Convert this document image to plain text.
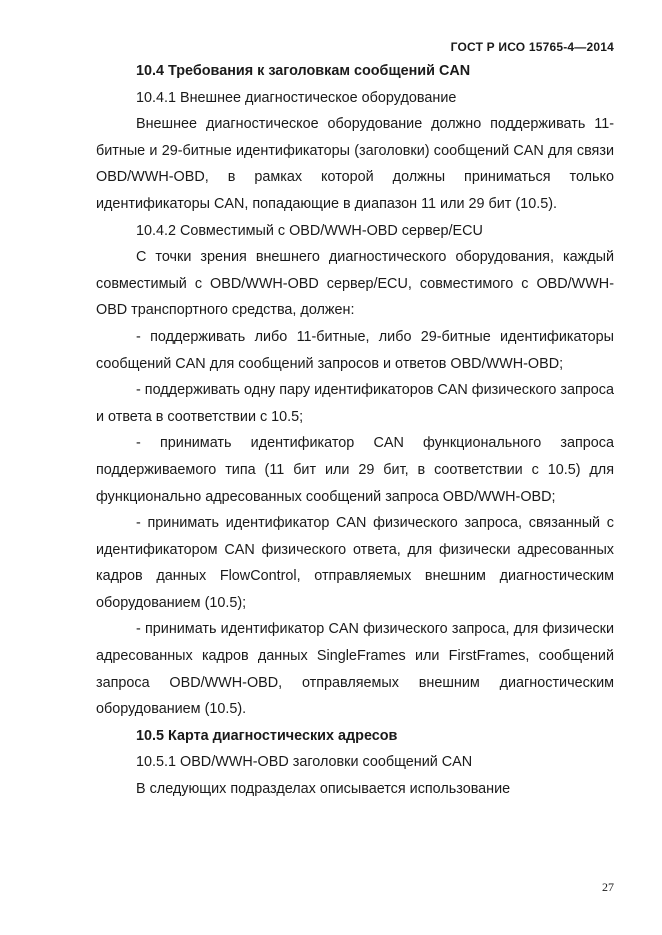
ГОСТ Р ИСО 15765-4—2014

10.4 Требования к заголовкам сообщений CAN

10.4.1 Внешнее диагностическое оборудование

Внешнее диагностическое оборудование должно поддерживать 11-битные и 29-битные идентификаторы (заголовки) сообщений CAN для связи OBD/WWH-OBD, в рамках которой должны приниматься только идентификаторы CAN, попадающие в диапазон 11 или 29 бит (10.5).

10.4.2 Совместимый с OBD/WWH-OBD сервер/ECU

С точки зрения внешнего диагностического оборудования, каждый совместимый с OBD/WWH-OBD сервер/ECU, совместимого с OBD/WWH-OBD транспортного средства, должен:

- поддерживать либо 11-битные, либо 29-битные идентификаторы сообщений CAN для сообщений запросов и ответов OBD/WWH-OBD;

- поддерживать одну пару идентификаторов CAN физического запроса и ответа в соответствии с 10.5;

- принимать идентификатор CAN функционального запроса поддерживаемого типа (11 бит или 29 бит, в соответствии с 10.5) для функционально адресованных сообщений запроса OBD/WWH-OBD;

- принимать идентификатор CAN физического запроса, связанный с идентификатором CAN физического ответа, для физически адресованных кадров данных FlowControl, отправляемых внешним диагностическим оборудованием (10.5);

- принимать идентификатор CAN физического запроса, для физически адресованных кадров данных SingleFrames или FirstFrames, сообщений запроса OBD/WWH-OBD, отправляемых внешним диагностическим оборудованием (10.5).

10.5 Карта диагностических адресов

10.5.1 OBD/WWH-OBD заголовки сообщений CAN

В следующих подразделах описывается использование

27
